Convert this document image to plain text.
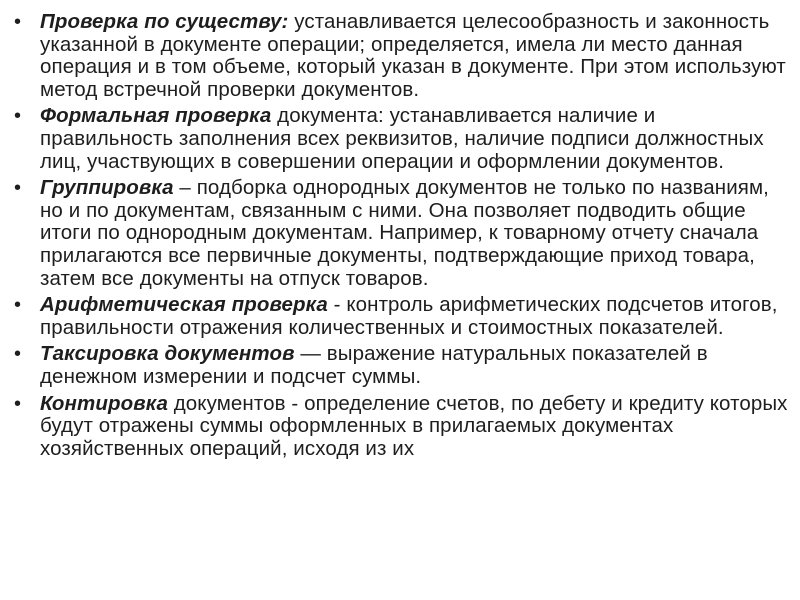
• Проверка по существу: устанавливается целесообразность и законность указанной в документе операции; определяется, имела ли место данная операция и в том объеме, который указан в документе. При этом используют метод встречной проверки документов.
• Формальная проверка документа: устанавливается наличие и правильность заполнения всех реквизитов, наличие подписи должностных лиц, участвующих в совершении операции и оформлении документов.
• Группировка – подборка однородных документов не только по названиям, но и по документам, связанным с ними. Она позволяет подводить общие итоги по однородным документам. Например, к товарному отчету сначала прилагаются все первичные документы, подтверждающие приход товара, затем все документы на отпуск товаров.
• Арифметическая проверка - контроль арифметических подсчетов итогов, правильности отражения количественных и стоимостных показателей.
• Таксировка документов — выражение натуральных показателей в денежном измерении и подсчет суммы.
• Контировка документов - определение счетов, по дебету и кредиту которых будут отражены суммы оформленных в прилагаемых документах хозяйственных операций, исходя из их
